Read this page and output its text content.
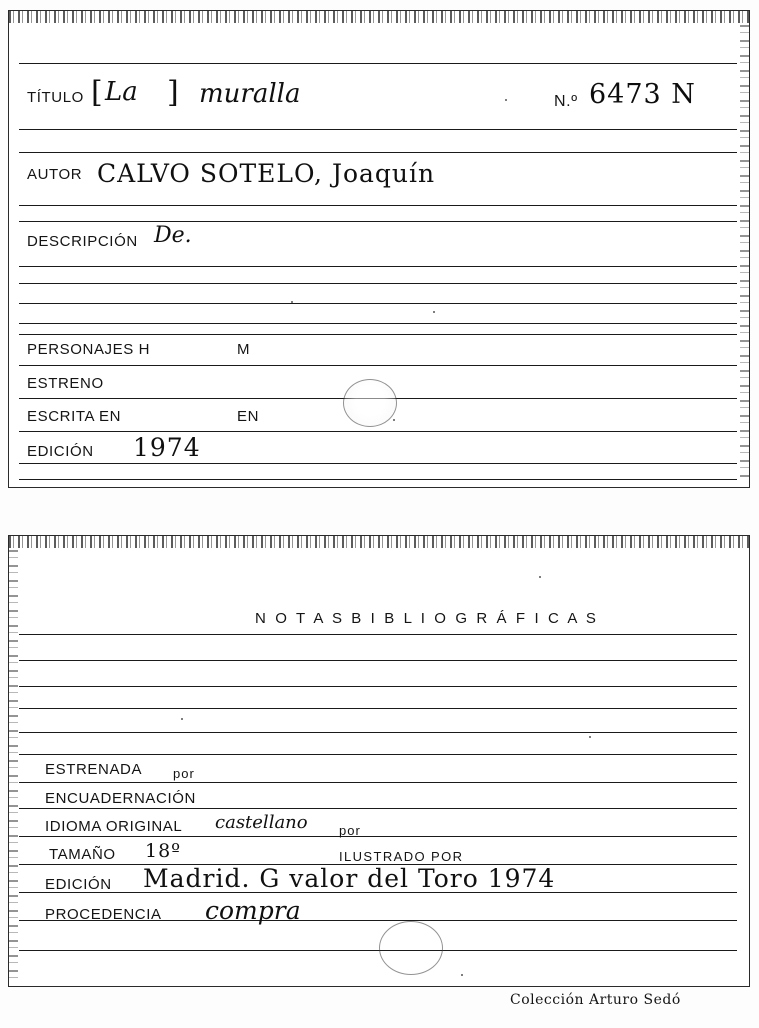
TÍTULO [ La ] muralla	N.º 6473 N
AUTOR CALVO SOTELO, Joaquín
DESCRIPCIÓN De.
PERSONAJES H	M
ESTRENO
ESCRITA EN	EN
EDICIÓN 1974
N O T A S B I B L I O G R Á F I C A S
ESTRENADA por
ENCUADERNACIÓN
IDIOMA ORIGINAL castellano por
TAMAÑO 18º	ILUSTRADO POR
EDICIÓN Madrid. G valor del Toro 1974
PROCEDENCIA compra
Colección Arturo Sedó
